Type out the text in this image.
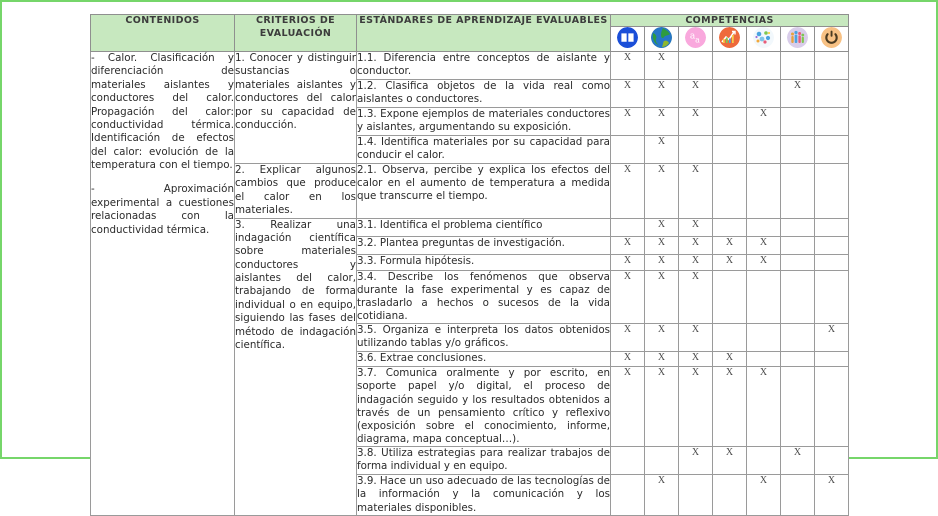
CONTENIDOS	CRITERIOS DE EVALUACIÓN	ESTÁNDARES DE APRENDIZAJE EVALUABLES	COMPETENCIAS						

a a

- Calor. Clasificación y diferenciación de materiales aislantes y conductores del calor. Propagación del calor: conductividad térmica. Identificación de efectos del calor: evolución de la temperatura con el tiempo.

- Aproximación experimental a cuestiones relacionadas con la conductividad térmica.	1. Conocer y distinguir sustancias o materiales aislantes y conductores del calor por su capacidad de conducción.	1.1. Diferencia entre conceptos de aislante y conductor.	X	X					
		1.2. Clasifica objetos de la vida real como aislantes o conductores.	X	X	X			X	
		1.3. Expone ejemplos de materiales conductores y aislantes, argumentando su exposición.	X	X	X		X		
		1.4. Identifica materiales por su capacidad para conducir el calor.		X					

	2. Explicar algunos cambios que produce el calor en los materiales.	2.1. Observa, percibe y explica los efectos del calor en el aumento de temperatura a medida que transcurre el tiempo.	X	X	X				

	3. Realizar una indagación científica sobre materiales conductores y aislantes del calor, trabajando de forma individual o en equipo, siguiendo las fases del método de indagación científica.	3.1. Identifica el problema científico		X	X				
		3.2. Plantea preguntas de investigación.	X	X	X	X	X		
		3.3. Formula hipótesis.	X	X	X	X	X		
		3.4. Describe los fenómenos que observa durante la fase experimental y es capaz de trasladarlo a hechos o sucesos de la vida cotidiana.	X	X	X				
		3.5. Organiza e interpreta los datos obtenidos utilizando tablas y/o gráficos.	X	X	X				X
		3.6. Extrae conclusiones.	X	X	X	X			
		3.7. Comunica oralmente y por escrito, en soporte papel y/o digital, el proceso de indagación seguido y los resultados obtenidos a través de un pensamiento crítico y reflexivo (exposición sobre el conocimiento, informe, diagrama, mapa conceptual…).	X	X	X	X	X		
		3.8. Utiliza estrategias para realizar trabajos de forma individual y en equipo.			X	X		X	
		3.9. Hace un uso adecuado de las tecnologías de la información y la comunicación y los materiales disponibles.		X			X		X
